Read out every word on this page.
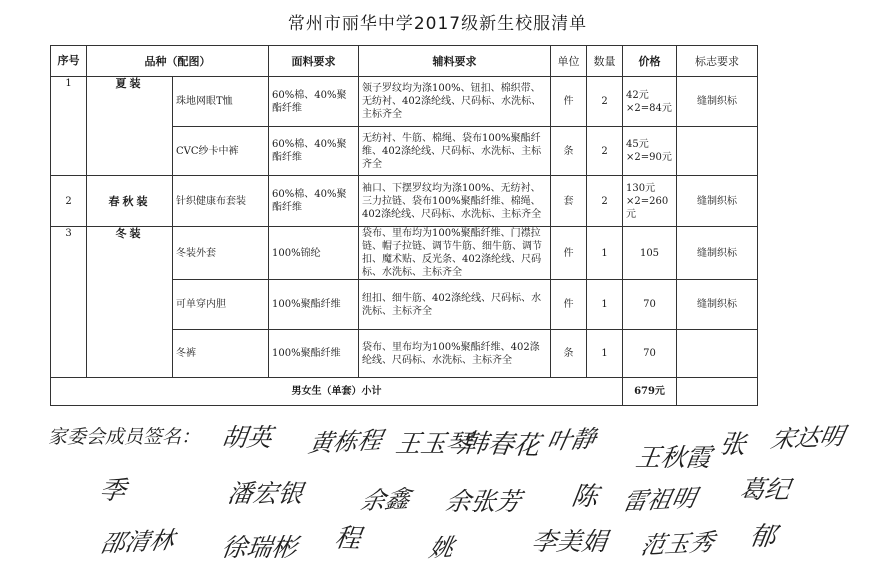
常州市丽华中学2017级新生校服清单
序号	品种（配图）		面料要求	辅料要求	单位	数量	价格	标志要求
1	夏装	珠地网眼T恤	60%棉、40%聚酯纤维	领子罗纹均为涤100%、钮扣、棉织带、无纺衬、402涤纶线、尺码标、水洗标、主标齐全	件	2	42元×2=84元	缝制织标
		CVC纱卡中裤	60%棉、40%聚酯纤维	无纺衬、牛筋、棉绳、袋布100%聚酯纤维、402涤纶线、尺码标、水洗标、主标齐全	条	2	45元×2=90元	
2	春秋装	针织健康布套装	60%棉、40%聚酯纤维	袖口、下摆罗纹均为涤100%、无纺衬、三力拉链、袋布100%聚酯纤维、棉绳、402涤纶线、尺码标、水洗标、主标齐全	套	2	130元×2=260元	缝制织标
3	冬装	冬装外套	100%锦纶	袋布、里布均为100%聚酯纤维、门襟拉链、帽子拉链、调节牛筋、细牛筋、调节扣、魔术贴、反光条、402涤纶线、尺码标、水洗标、主标齐全	件	1	105	缝制织标
		可单穿内胆	100%聚酯纤维	纽扣、细牛筋、402涤纶线、尺码标、水洗标、主标齐全	件	1	70	缝制织标
		冬裤	100%聚酯纤维	袋布、里布均为100%聚酯纤维、402涤纶线、尺码标、水洗标、主标齐全	条	1	70	
男女生（单套）小计							679元	
家委会成员签名： 胡英 黄栋程 王玉琴
韩春花 叶静
王秋霞 张 宋达明
季	潘宏银 余鑫 余张芳 陈 雷祖明 葛纪
邵清林 徐瑞彬 程	姚	李美娟 范玉秀 郁
